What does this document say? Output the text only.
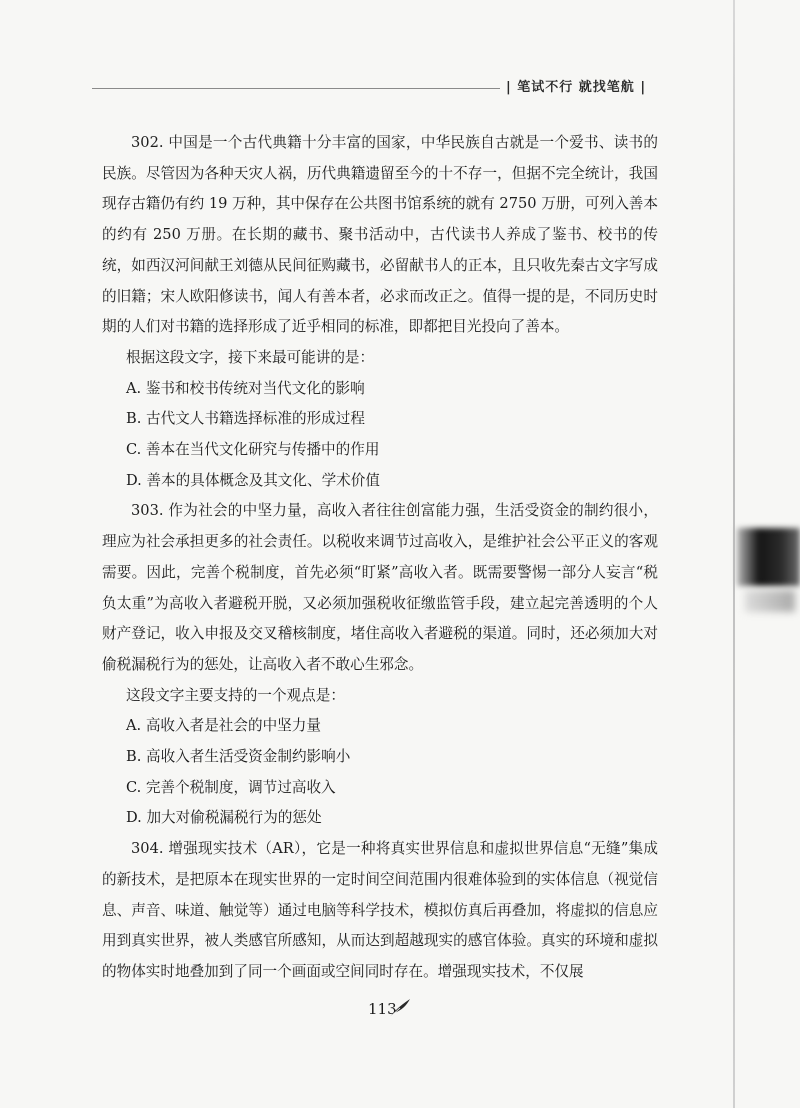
| 笔试不行 就找笔航 |

302. 中国是一个古代典籍十分丰富的国家，中华民族自古就是一个爱书、读书的民族。尽管因为各种天灾人祸，历代典籍遗留至今的十不存一，但据不完全统计，我国现存古籍仍有约 19 万种，其中保存在公共图书馆系统的就有 2750 万册，可列入善本的约有 250 万册。在长期的藏书、聚书活动中，古代读书人养成了鉴书、校书的传统，如西汉河间献王刘德从民间征购藏书，必留献书人的正本，且只收先秦古文字写成的旧籍；宋人欧阳修读书，闻人有善本者，必求而改正之。值得一提的是，不同历史时期的人们对书籍的选择形成了近乎相同的标准，即都把目光投向了善本。

根据这段文字，接下来最可能讲的是：

A. 鉴书和校书传统对当代文化的影响

B. 古代文人书籍选择标准的形成过程

C. 善本在当代文化研究与传播中的作用

D. 善本的具体概念及其文化、学术价值

303. 作为社会的中坚力量，高收入者往往创富能力强，生活受资金的制约很小，理应为社会承担更多的社会责任。以税收来调节过高收入，是维护社会公平正义的客观需要。因此，完善个税制度，首先必须“盯紧”高收入者。既需要警惕一部分人妄言“税负太重”为高收入者避税开脱，又必须加强税收征缴监管手段，建立起完善透明的个人财产登记，收入申报及交叉稽核制度，堵住高收入者避税的渠道。同时，还必须加大对偷税漏税行为的惩处，让高收入者不敢心生邪念。

这段文字主要支持的一个观点是：

A. 高收入者是社会的中坚力量

B. 高收入者生活受资金制约影响小

C. 完善个税制度，调节过高收入

D. 加大对偷税漏税行为的惩处

304. 增强现实技术（AR），它是一种将真实世界信息和虚拟世界信息“无缝”集成的新技术，是把原本在现实世界的一定时间空间范围内很难体验到的实体信息（视觉信息、声音、味道、触觉等）通过电脑等科学技术，模拟仿真后再叠加，将虚拟的信息应用到真实世界，被人类感官所感知，从而达到超越现实的感官体验。真实的环境和虚拟的物体实时地叠加到了同一个画面或空间同时存在。增强现实技术，不仅展

113
